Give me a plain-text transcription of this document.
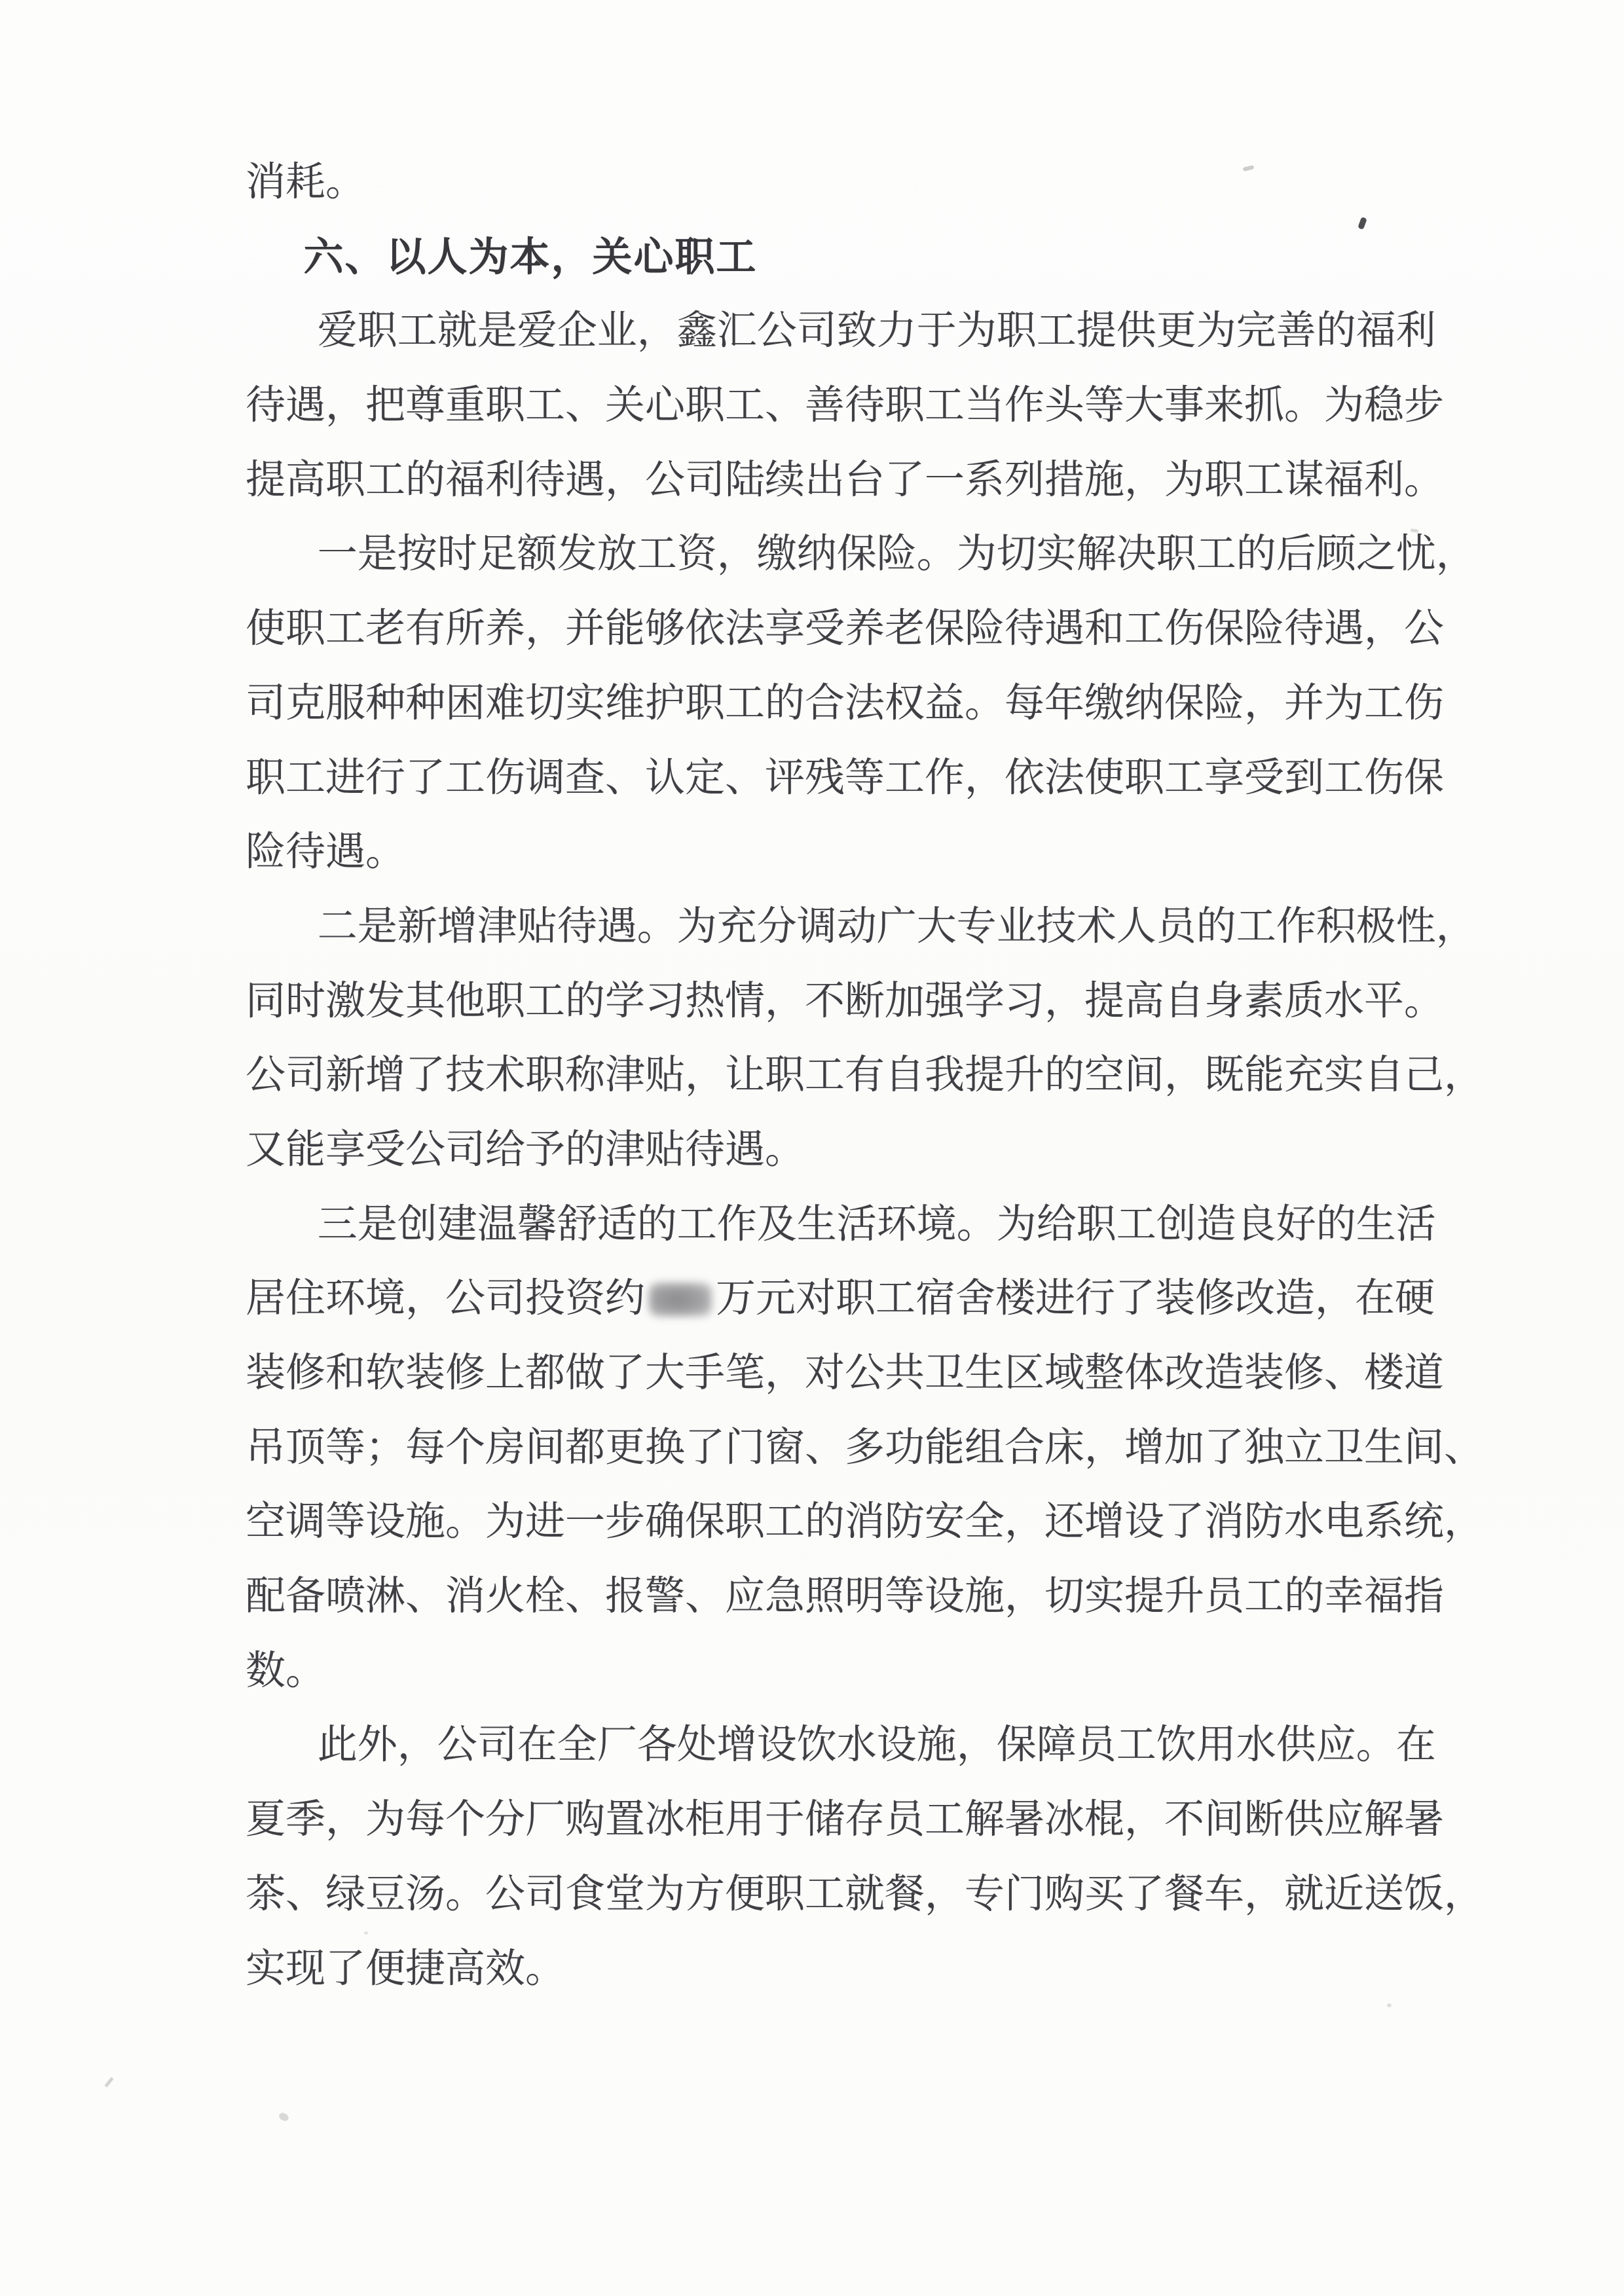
消耗。
六、以人为本，关心职工
爱职工就是爱企业，鑫汇公司致力于为职工提供更为完善的福利
待遇，把尊重职工、关心职工、善待职工当作头等大事来抓。为稳步
提高职工的福利待遇，公司陆续出台了一系列措施，为职工谋福利。
一是按时足额发放工资，缴纳保险。为切实解决职工的后顾之忧，
使职工老有所养，并能够依法享受养老保险待遇和工伤保险待遇，公
司克服种种困难切实维护职工的合法权益。每年缴纳保险，并为工伤
职工进行了工伤调查、认定、评残等工作，依法使职工享受到工伤保
险待遇。
二是新增津贴待遇。为充分调动广大专业技术人员的工作积极性，
同时激发其他职工的学习热情，不断加强学习，提高自身素质水平。
公司新增了技术职称津贴，让职工有自我提升的空间，既能充实自己，
又能享受公司给予的津贴待遇。
三是创建温馨舒适的工作及生活环境。为给职工创造良好的生活
居住环境，公司投资约 万元对职工宿舍楼进行了装修改造，在硬
装修和软装修上都做了大手笔，对公共卫生区域整体改造装修、楼道
吊顶等；每个房间都更换了门窗、多功能组合床，增加了独立卫生间、
空调等设施。为进一步确保职工的消防安全，还增设了消防水电系统，
配备喷淋、消火栓、报警、应急照明等设施，切实提升员工的幸福指
数。
此外，公司在全厂各处增设饮水设施，保障员工饮用水供应。在
夏季，为每个分厂购置冰柜用于储存员工解暑冰棍，不间断供应解暑
茶、绿豆汤。公司食堂为方便职工就餐，专门购买了餐车，就近送饭，
实现了便捷高效。
